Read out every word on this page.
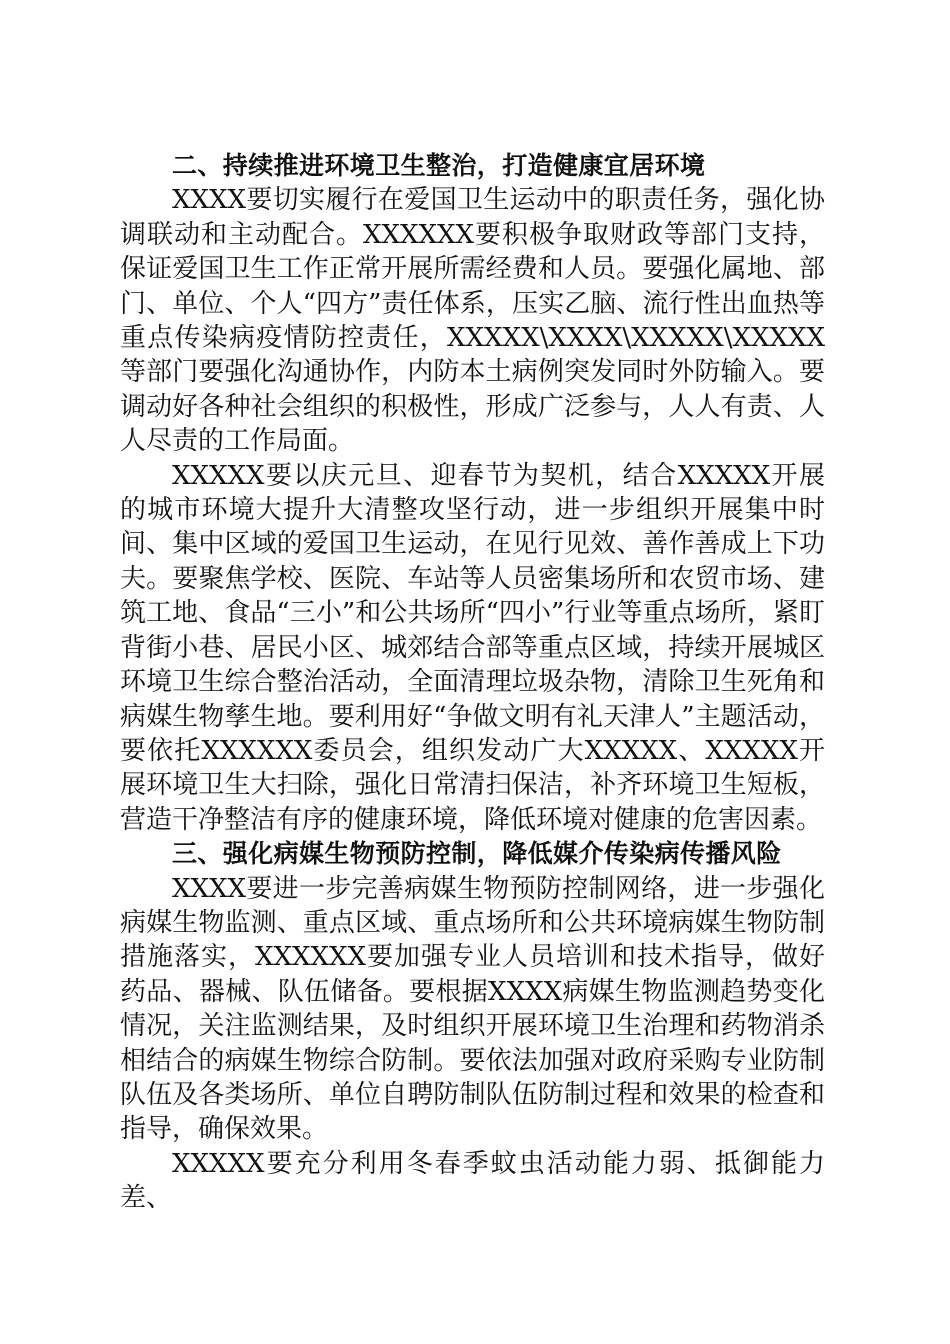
二、持续推进环境卫生整治，打造健康宜居环境

XXXX要切实履行在爱国卫生运动中的职责任务，强化协调联动和主动配合。XXXXXX要积极争取财政等部门支持，保证爱国卫生工作正常开展所需经费和人员。要强化属地、部门、单位、个人“四方”责任体系，压实乙脑、流行性出血热等重点传染病疫情防控责任，XXXXX\XXXX\XXXXX\XXXXX等部门要强化沟通协作，内防本土病例突发同时外防输入。要调动好各种社会组织的积极性，形成广泛参与，人人有责、人人尽责的工作局面。

XXXXX要以庆元旦、迎春节为契机，结合XXXXX开展的城市环境大提升大清整攻坚行动，进一步组织开展集中时间、集中区域的爱国卫生运动，在见行见效、善作善成上下功夫。要聚焦学校、医院、车站等人员密集场所和农贸市场、建筑工地、食品“三小”和公共场所“四小”行业等重点场所，紧盯背街小巷、居民小区、城郊结合部等重点区域，持续开展城区环境卫生综合整治活动，全面清理垃圾杂物，清除卫生死角和病媒生物孳生地。要利用好“争做文明有礼天津人”主题活动，要依托XXXXXX委员会，组织发动广大XXXXX、XXXXX开展环境卫生大扫除，强化日常清扫保洁，补齐环境卫生短板，营造干净整洁有序的健康环境，降低环境对健康的危害因素。

三、强化病媒生物预防控制，降低媒介传染病传播风险

XXXX要进一步完善病媒生物预防控制网络，进一步强化病媒生物监测、重点区域、重点场所和公共环境病媒生物防制措施落实，XXXXXX要加强专业人员培训和技术指导，做好药品、器械、队伍储备。要根据XXXX病媒生物监测趋势变化情况，关注监测结果，及时组织开展环境卫生治理和药物消杀相结合的病媒生物综合防制。要依法加强对政府采购专业防制队伍及各类场所、单位自聘防制队伍防制过程和效果的检查和指导，确保效果。

XXXXX要充分利用冬春季蚊虫活动能力弱、抵御能力差、
